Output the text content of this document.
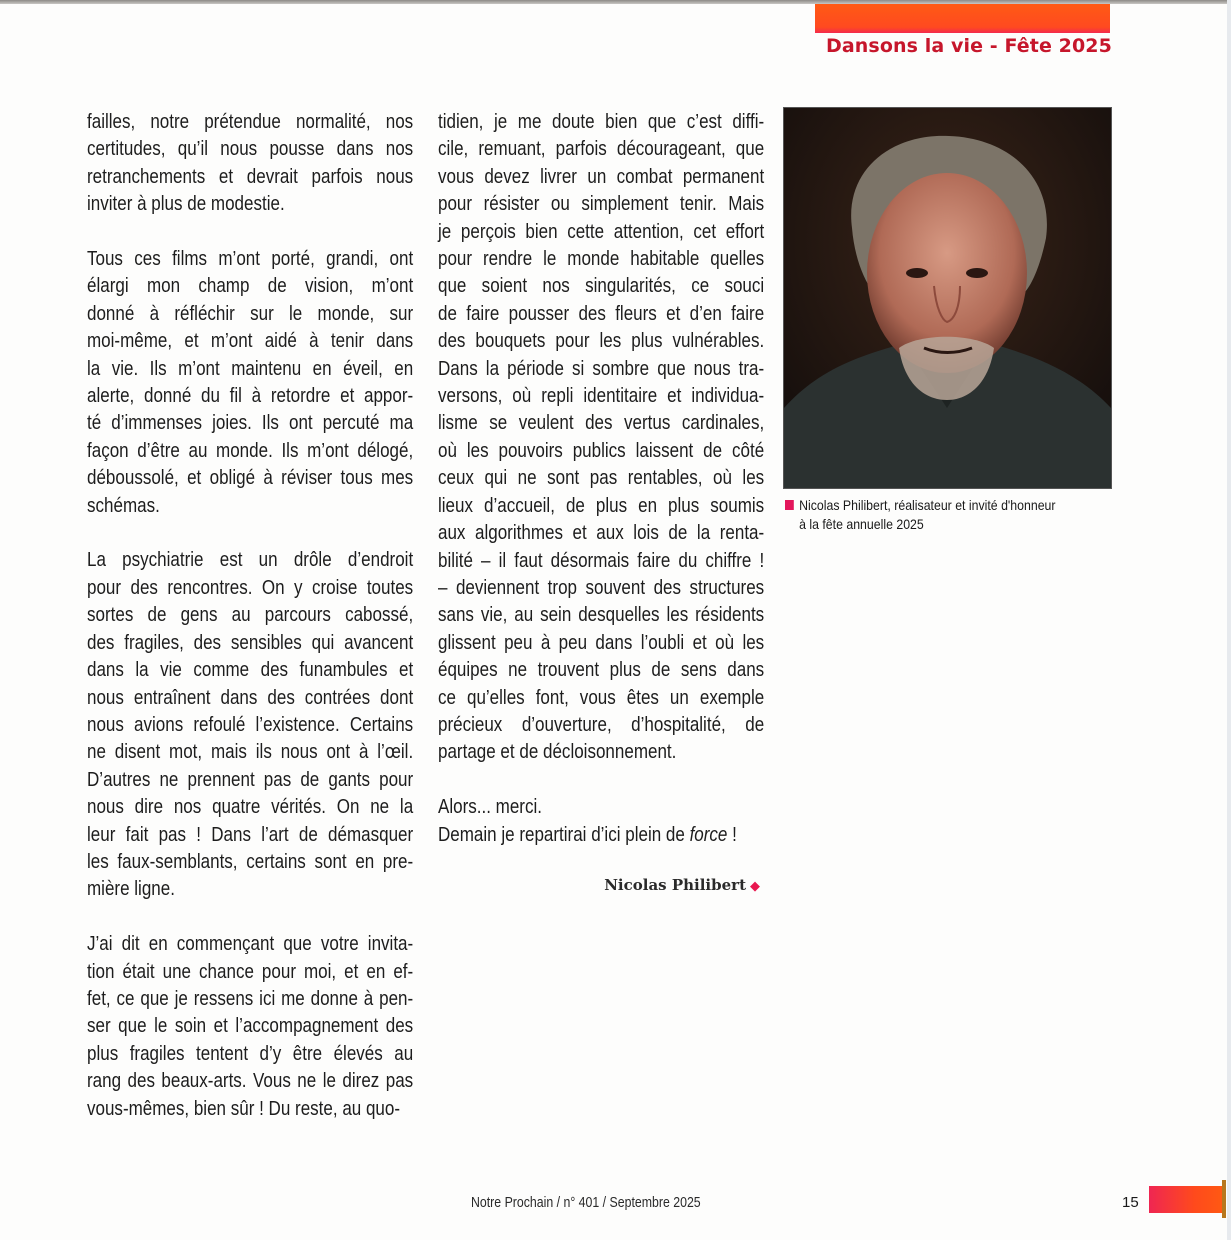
Dansons la vie - Fête 2025

failles, notre prétendue normalité, nos
certitudes, qu’il nous pousse dans nos
retranchements et devrait parfois nous
inviter à plus de modestie.

Tous ces films m’ont porté, grandi, ont
élargi mon champ de vision, m’ont
donné à réfléchir sur le monde, sur
moi-même, et m’ont aidé à tenir dans
la vie. Ils m’ont maintenu en éveil, en
alerte, donné du fil à retordre et appor-
té d’immenses joies. Ils ont percuté ma
façon d’être au monde. Ils m’ont délogé,
déboussolé, et obligé à réviser tous mes
schémas.

La psychiatrie est un drôle d’endroit
pour des rencontres. On y croise toutes
sortes de gens au parcours cabossé,
des fragiles, des sensibles qui avancent
dans la vie comme des funambules et
nous entraînent dans des contrées dont
nous avions refoulé l’existence. Certains
ne disent mot, mais ils nous ont à l’œil.
D’autres ne prennent pas de gants pour
nous dire nos quatre vérités. On ne la
leur fait pas ! Dans l’art de démasquer
les faux-semblants, certains sont en pre-
mière ligne.

J’ai dit en commençant que votre invita-
tion était une chance pour moi, et en ef-
fet, ce que je ressens ici me donne à pen-
ser que le soin et l’accompagnement des
plus fragiles tentent d’y être élevés au
rang des beaux-arts. Vous ne le direz pas
vous-mêmes, bien sûr ! Du reste, au quo-

tidien, je me doute bien que c’est diffi-
cile, remuant, parfois décourageant, que
vous devez livrer un combat permanent
pour résister ou simplement tenir. Mais
je perçois bien cette attention, cet effort
pour rendre le monde habitable quelles
que soient nos singularités, ce souci
de faire pousser des fleurs et d’en faire
des bouquets pour les plus vulnérables.
Dans la période si sombre que nous tra-
versons, où repli identitaire et individua-
lisme se veulent des vertus cardinales,
où les pouvoirs publics laissent de côté
ceux qui ne sont pas rentables, où les
lieux d’accueil, de plus en plus soumis
aux algorithmes et aux lois de la renta-
bilité – il faut désormais faire du chiffre !
– deviennent trop souvent des structures
sans vie, au sein desquelles les résidents
glissent peu à peu dans l’oubli et où les
équipes ne trouvent plus de sens dans
ce qu’elles font, vous êtes un exemple
précieux d’ouverture, d’hospitalité, de
partage et de décloisonnement.

Alors... merci.
Demain je repartirai d’ici plein de force !

Nicolas Philibert ◆
Nicolas Philibert, réalisateur et invité d'honneur
à la fête annuelle 2025
Notre Prochain / n° 401 / Septembre 2025	15
